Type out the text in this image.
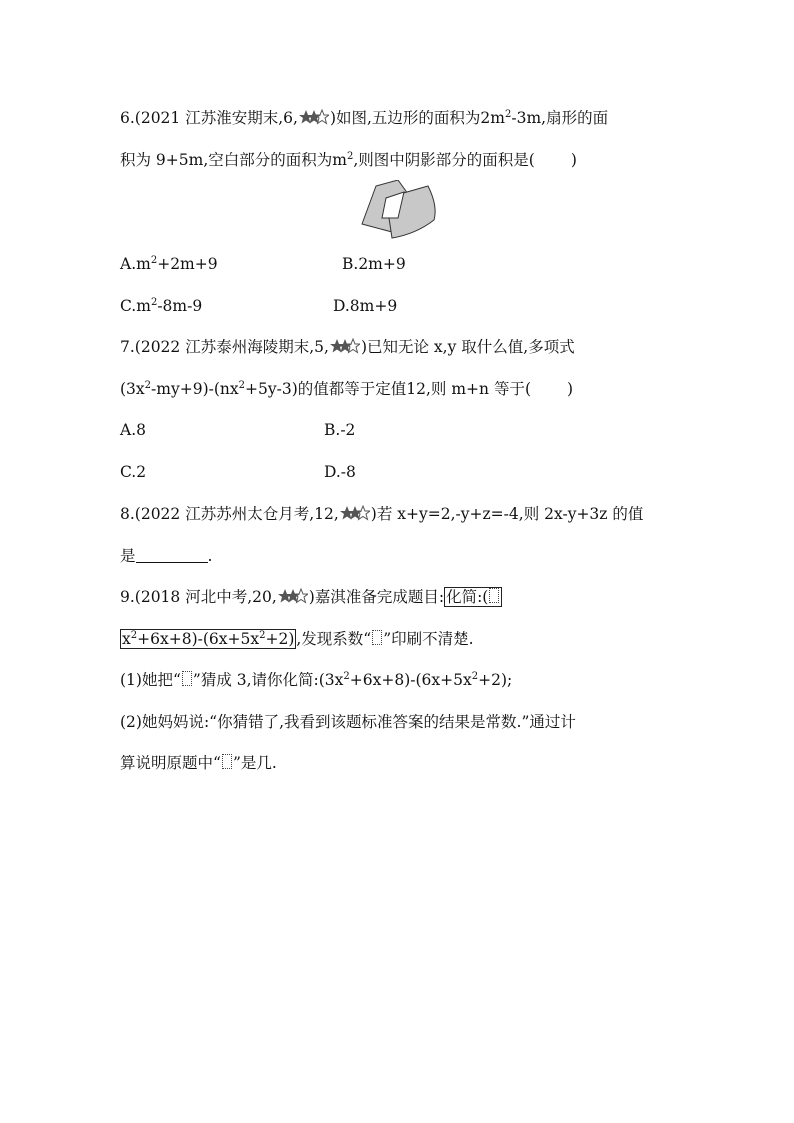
6.(2021 江苏淮安期末,6, )如图,五边形的面积为$2m^2-3m$,扇形的面
积为 9+5m,空白部分的面积为$m^2$,则图中阴影部分的面积是( )
$A.m^2+2m+9$	B.2m+9
$C.m^2-8m-9$	D.8m+9
7.(2022 江苏泰州海陵期末,5, )已知无论 x,y 取什么值,多项式
$(3x^2-my+9)-(nx^2+5y-3)$的值都等于定值12,则 m+n 等于( )
A.8	B.-2
C.2	D.-8
8.(2022 江苏苏州太仓月考,12, )若 x+y=2,-y+z=-4,则 2x-y+3z 的值
是	.
9.(2018 河北中考,20, )嘉淇准备完成题目: 化简:(
$x^2+6x+8)-(6x+5x^2+2)$ ,发现系数“ ”印刷不清楚.
(1)她把“ ”猜成 3,请你化简$:(3x^2+6x+8)-(6x+5x^2+2)$;
(2)她妈妈说:“你猜错了,我看到该题标准答案的结果是常数.”通过计
算说明原题中“ ”是几.
